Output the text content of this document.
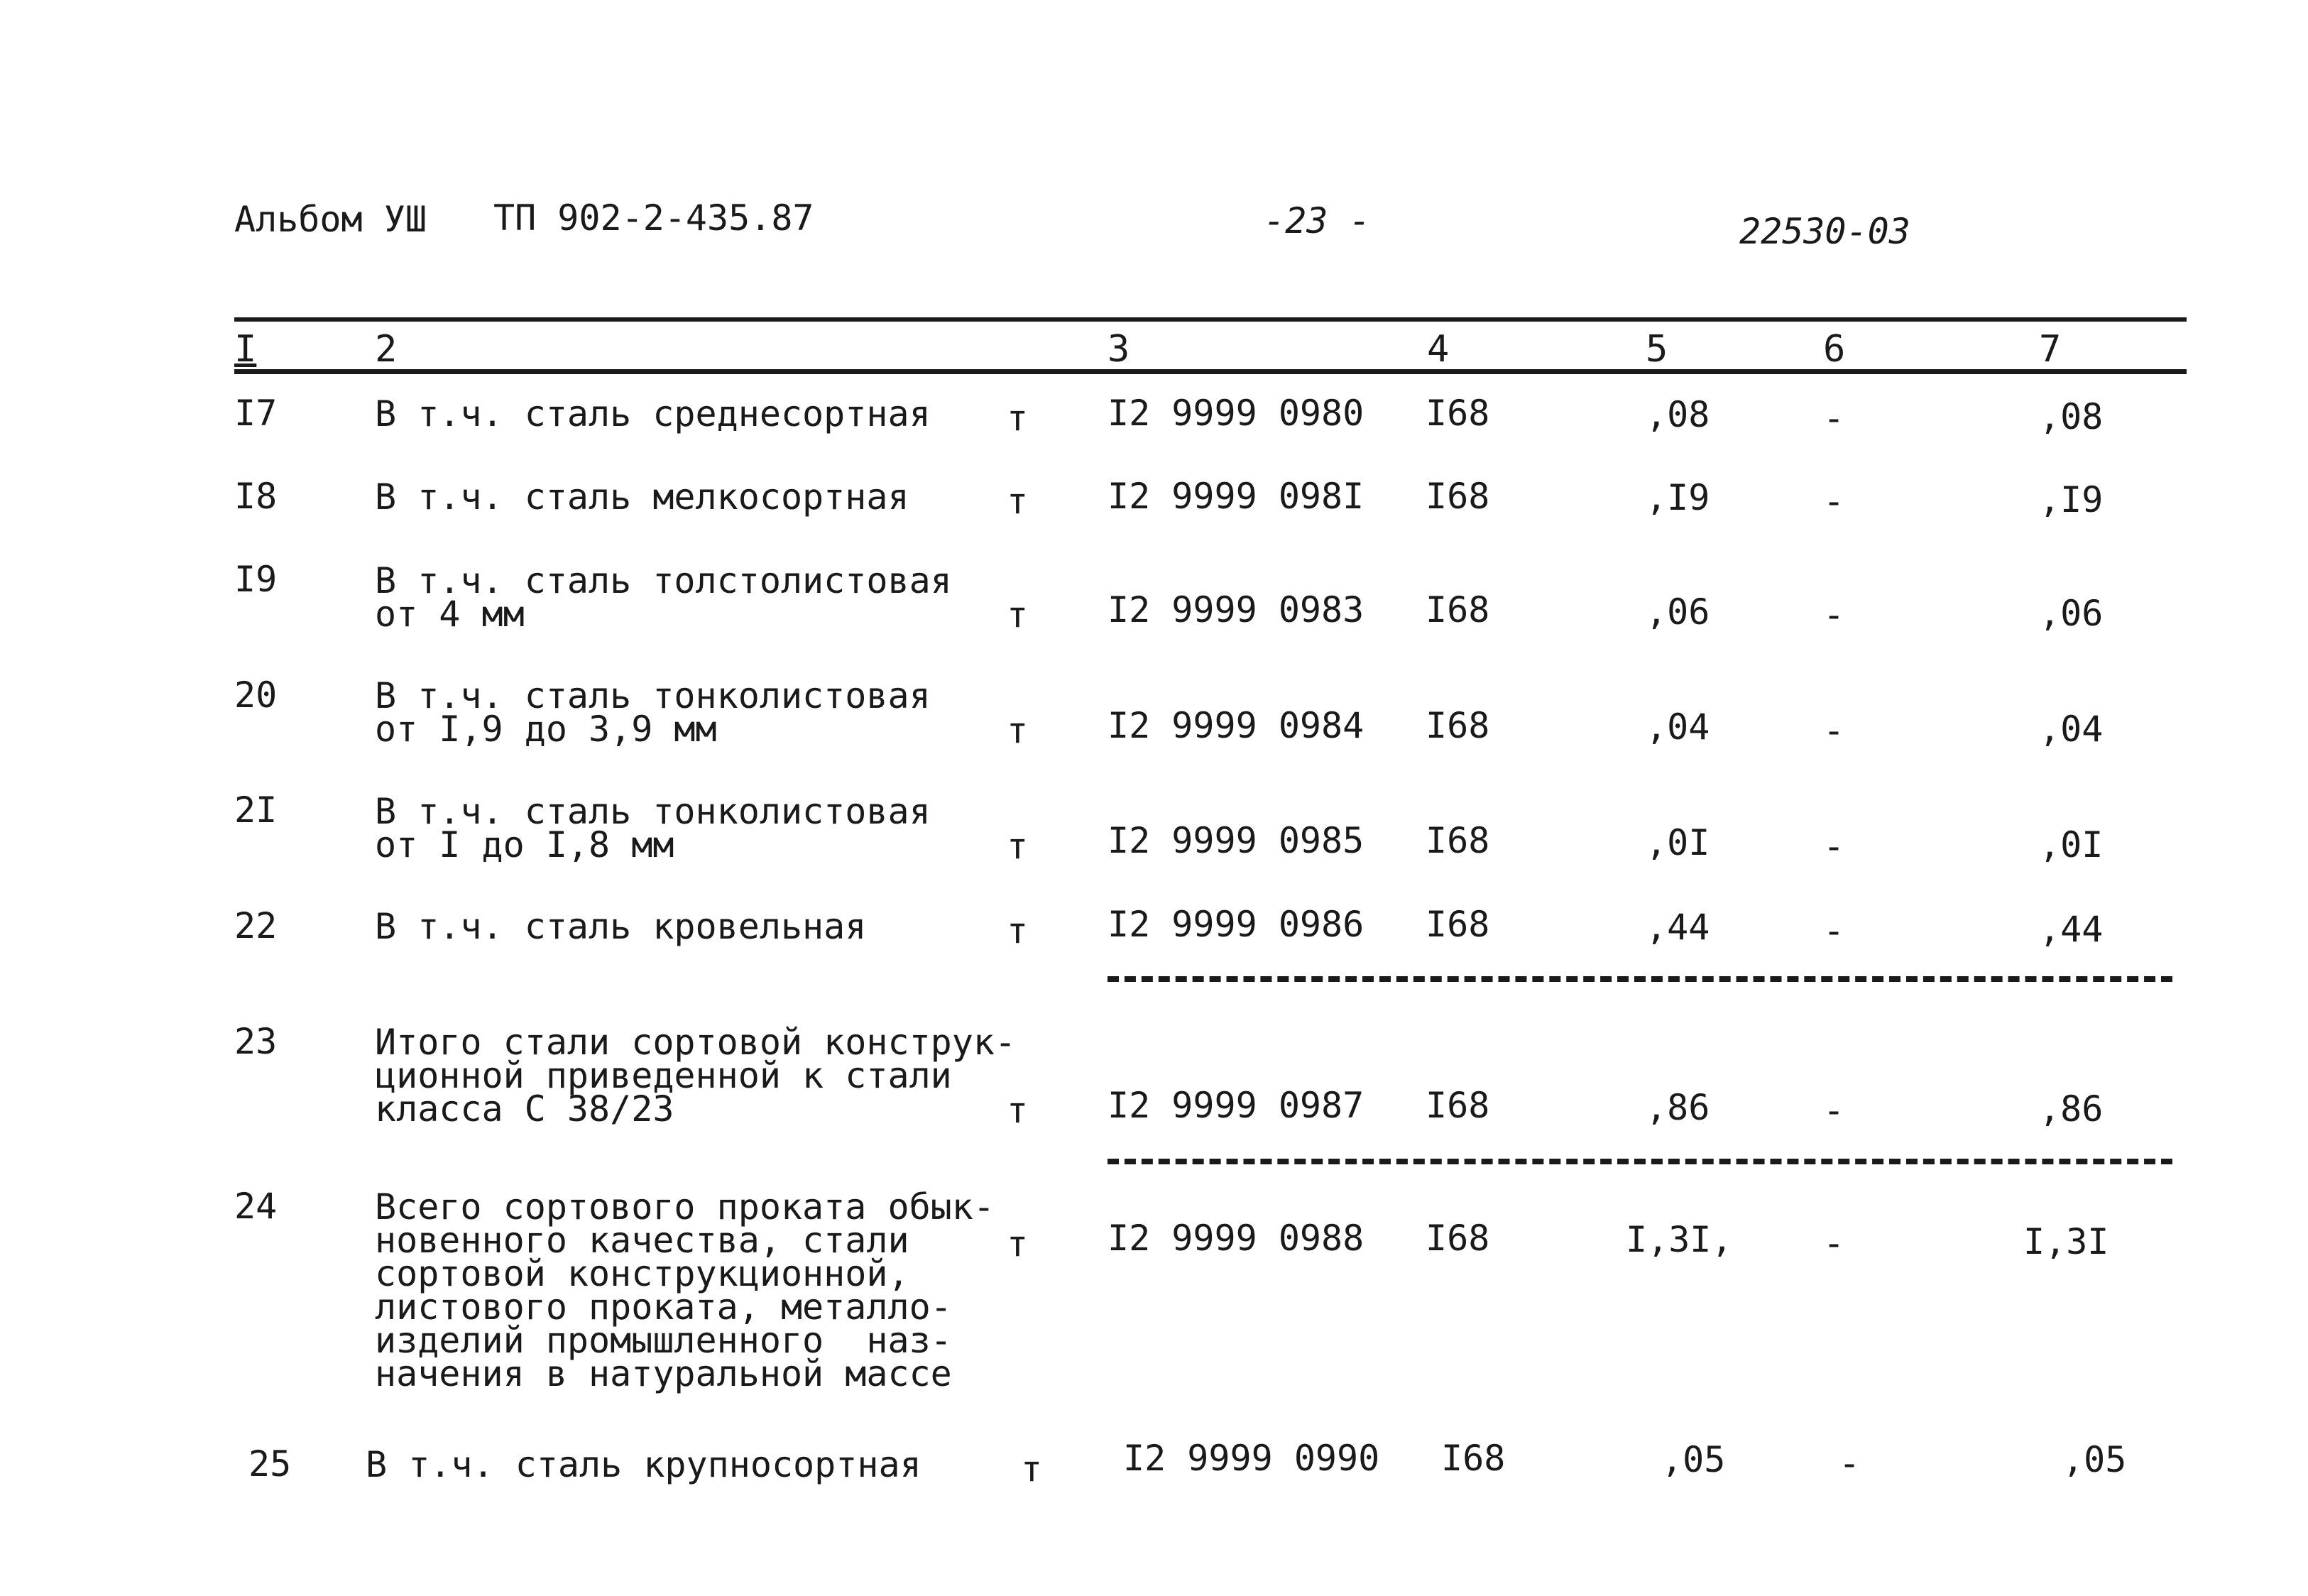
Альбом УШ ТП 902-2-435.87	-23 -	22530-03
I	2	3	4	5	6	7
I7	В т.ч. сталь среднесортная т I2 9999 0980 I68	,08	-	,08
I8	В т.ч. сталь мелкосортная	т I2 9999 098I I68	,I9	-	,I9
I9	В т.ч. сталь толстолистовая
от 4 мм	т I2 9999 0983 I68	,06	-	,06
20	В т.ч. сталь тонколистовая
от I,9 до 3,9 мм	т I2 9999 0984 I68	,04	-	,04
2I	В т.ч. сталь тонколистовая
от I до I,8 мм	т I2 9999 0985 I68	,0I	-	,0I
22	В т.ч. сталь кровельная	т I2 9999 0986 I68	,44	-	,44
23	Итого стали сортовой конструк-
ционной приведенной к стали
класса С 38/23	т I2 9999 0987 I68	,86	-	,86
24	Всего сортового проката обык-
новенного качества, стали
сортовой конструкционной,
листового проката, металло-
изделий промышленного  наз-
начения в натуральной массе
т I2 9999 0988 I68	I,3I,	-	I,3I
25 В т.ч. сталь крупносортная	т I2 9999 0990 I68	,05	-	,05
